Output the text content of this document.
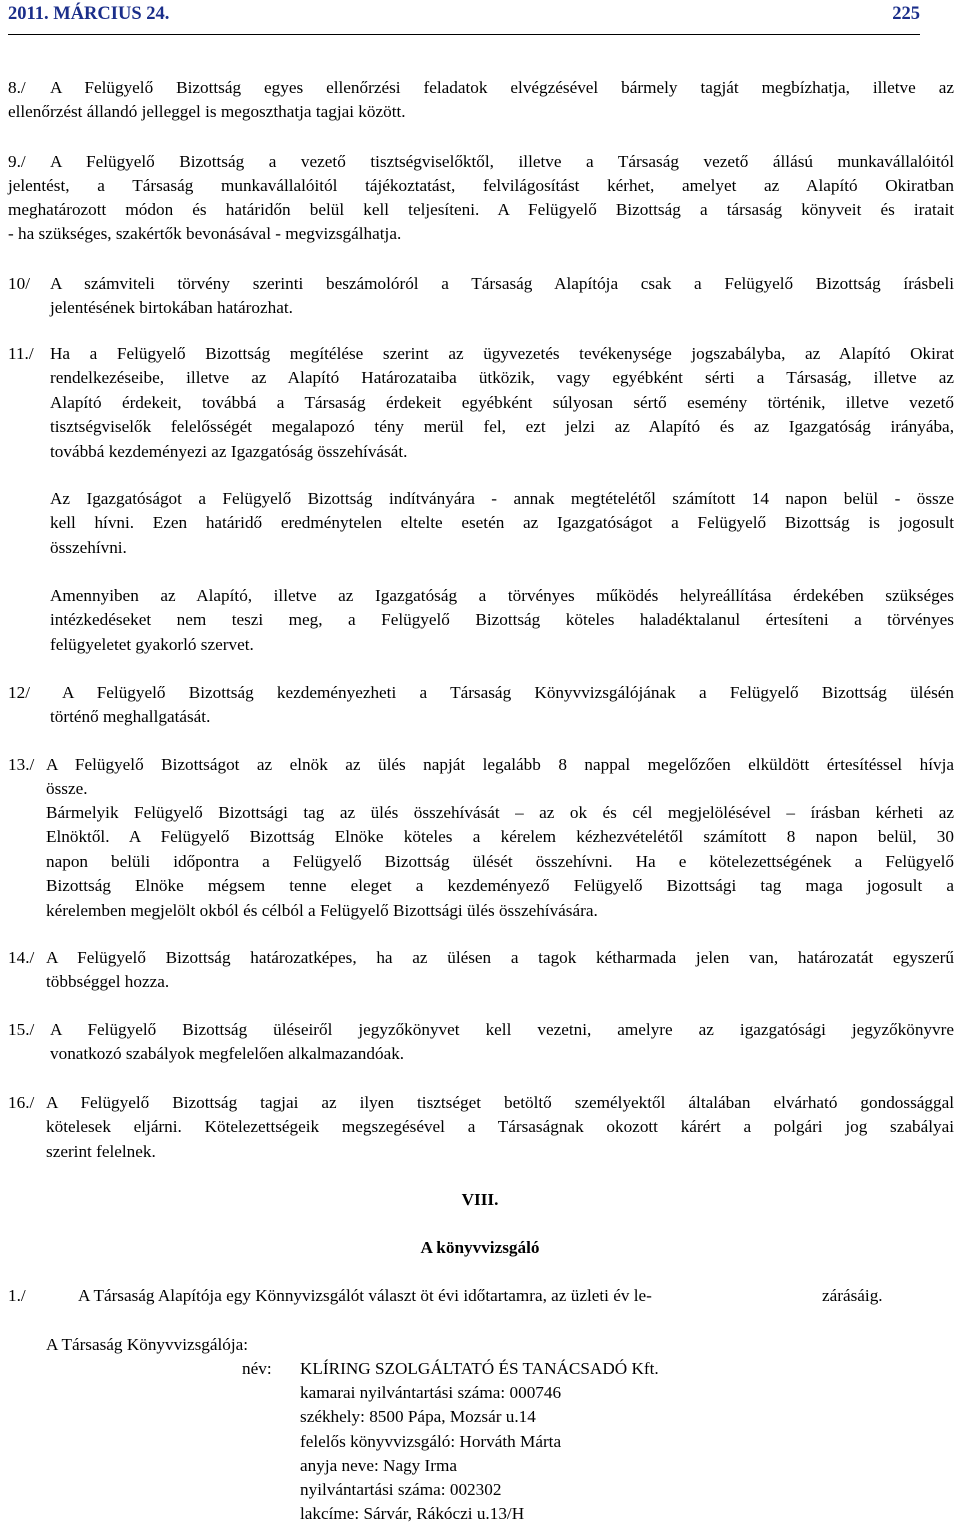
2011. MÁRCIUS 24.	225
8./ A Felügyelő Bizottság egyes ellenőrzési feladatok elvégzésével bármely tagját megbízhatja, illetve az
ellenőrzést állandó jelleggel is megoszthatja tagjai között.
9./ A Felügyelő Bizottság a vezető tisztségviselőktől, illetve a Társaság vezető állású munkavállalóitól
jelentést, a Társaság munkavállalóitól tájékoztatást, felvilágosítást kérhet, amelyet az Alapító Okiratban
meghatározott módon és határidőn belül kell teljesíteni. A Felügyelő Bizottság a társaság könyveit és iratait
- ha szükséges, szakértők bevonásával - megvizsgálhatja.
10/ A számviteli törvény szerinti beszámolóról a Társaság Alapítója csak a Felügyelő Bizottság írásbeli
jelentésének birtokában határozhat.
11./ Ha a Felügyelő Bizottság megítélése szerint az ügyvezetés tevékenysége jogszabályba, az Alapító Okirat
rendelkezéseibe, illetve az Alapító Határozataiba ütközik, vagy egyébként sérti a Társaság, illetve az
Alapító érdekeit, továbbá a Társaság érdekeit egyébként súlyosan sértő esemény történik, illetve vezető
tisztségviselők felelősségét megalapozó tény merül fel, ezt jelzi az Alapító és az Igazgatóság irányába,
továbbá kezdeményezi az Igazgatóság összehívását.
Az Igazgatóságot a Felügyelő Bizottság indítványára - annak megtételétől számított 14 napon belül - össze
kell hívni. Ezen határidő eredménytelen eltelte esetén az Igazgatóságot a Felügyelő Bizottság is jogosult
összehívni.
Amennyiben az Alapító, illetve az Igazgatóság a törvényes működés helyreállítása érdekében szükséges
intézkedéseket nem teszi meg, a Felügyelő Bizottság köteles haladéktalanul értesíteni a törvényes
felügyeletet gyakorló szervet.
12/ A Felügyelő Bizottság kezdeményezheti a Társaság Könyvvizsgálójának a Felügyelő Bizottság ülésén
történő meghallgatását.
13./ A Felügyelő Bizottságot az elnök az ülés napját legalább 8 nappal megelőzően elküldött értesítéssel hívja
össze.
Bármelyik Felügyelő Bizottsági tag az ülés összehívását – az ok és cél megjelölésével – írásban kérheti az
Elnöktől. A Felügyelő Bizottság Elnöke köteles a kérelem kézhezvételétől számított 8 napon belül, 30
napon belüli időpontra a Felügyelő Bizottság ülését összehívni. Ha e kötelezettségének a Felügyelő
Bizottság Elnöke mégsem tenne eleget a kezdeményező Felügyelő Bizottsági tag maga jogosult a
kérelemben megjelölt okból és célból a Felügyelő Bizottsági ülés összehívására.
14./ A Felügyelő Bizottság határozatképes, ha az ülésen a tagok kétharmada jelen van, határozatát egyszerű
többséggel hozza.
15./ A Felügyelő Bizottság üléseiről jegyzőkönyvet kell vezetni, amelyre az igazgatósági jegyzőkönyvre
vonatkozó szabályok megfelelően alkalmazandóak.
16./ A Felügyelő Bizottság tagjai az ilyen tisztséget betöltő személyektől általában elvárható gondossággal
kötelesek eljárni. Kötelezettségeik megszegésével a Társaságnak okozott kárért a polgári jog szabályai
szerint felelnek.
VIII.
A könyvvizsgáló
1./	A Társaság Alapítója egy Könnyvizsgálót választ öt évi időtartamra, az üzleti év le-	zárásáig.
A Társaság Könyvvizsgálója:
név: KLÍRING SZOLGÁLTATÓ ÉS TANÁCSADÓ Kft.
kamarai nyilvántartási száma: 000746
székhely: 8500 Pápa, Mozsár u.14
felelős könyvvizsgáló: Horváth Márta
anyja neve: Nagy Irma
nyilvántartási száma: 002302
lakcíme: Sárvár, Rákóczi u.13/H
